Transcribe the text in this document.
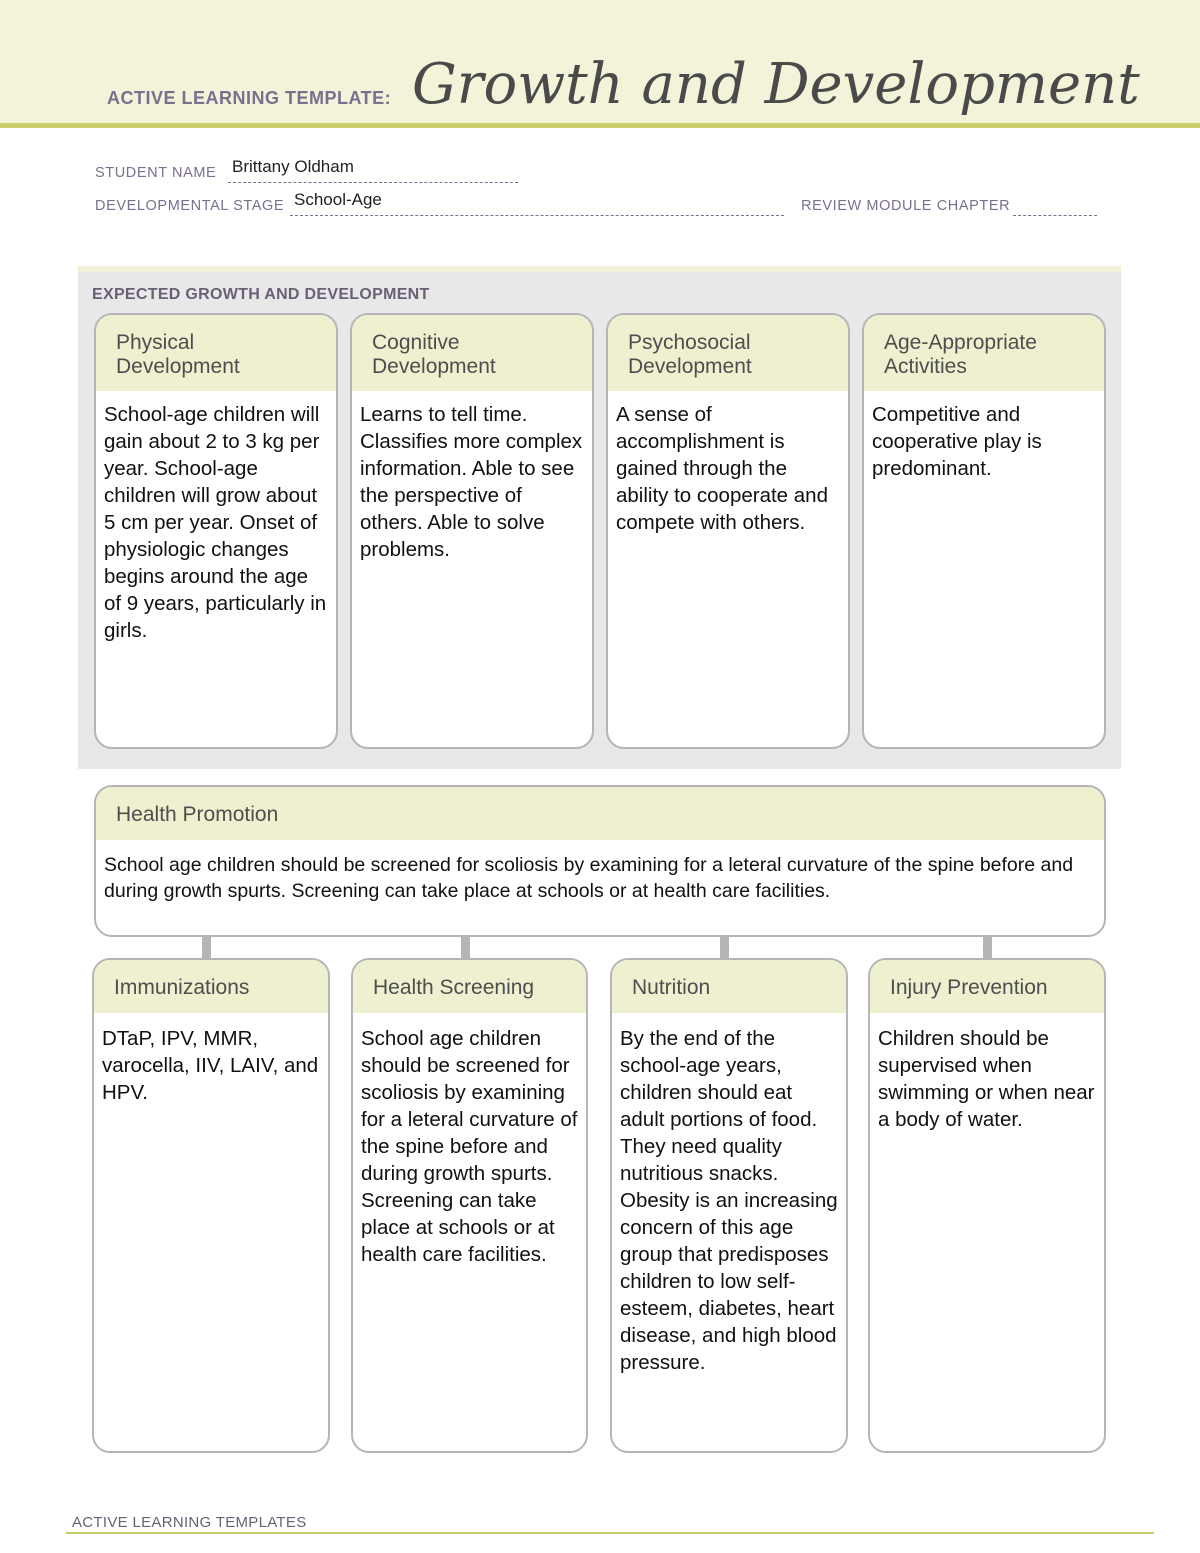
ACTIVE LEARNING TEMPLATE: Growth and Development
STUDENT NAME Brittany Oldham
DEVELOPMENTAL STAGE School-Age	REVIEW MODULE CHAPTER
EXPECTED GROWTH AND DEVELOPMENT
Physical Development
School-age children will gain about 2 to 3 kg per year. School-age children will grow about 5 cm per year. Onset of physiologic changes begins around the age of 9 years, particularly in girls.
Cognitive Development
Learns to tell time. Classifies more complex information. Able to see the perspective of others. Able to solve problems.
Psychosocial Development
A sense of accomplishment is gained through the ability to cooperate and compete with others.
Age-Appropriate Activities
Competitive and cooperative play is predominant.
Health Promotion
School age children should be screened for scoliosis by examining for a leteral curvature of the spine before and during growth spurts. Screening can take place at schools or at health care facilities.
Immunizations
DTaP, IPV, MMR, varocella, IIV, LAIV, and HPV.
Health Screening
School age children should be screened for scoliosis by examining for a leteral curvature of the spine before and during growth spurts. Screening can take place at schools or at health care facilities.
Nutrition
By the end of the school-age years, children should eat adult portions of food. They need quality nutritious snacks. Obesity is an increasing concern of this age group that predisposes children to low self-esteem, diabetes, heart disease, and high blood pressure.
Injury Prevention
Children should be supervised when swimming or when near a body of water.
ACTIVE LEARNING TEMPLATES
